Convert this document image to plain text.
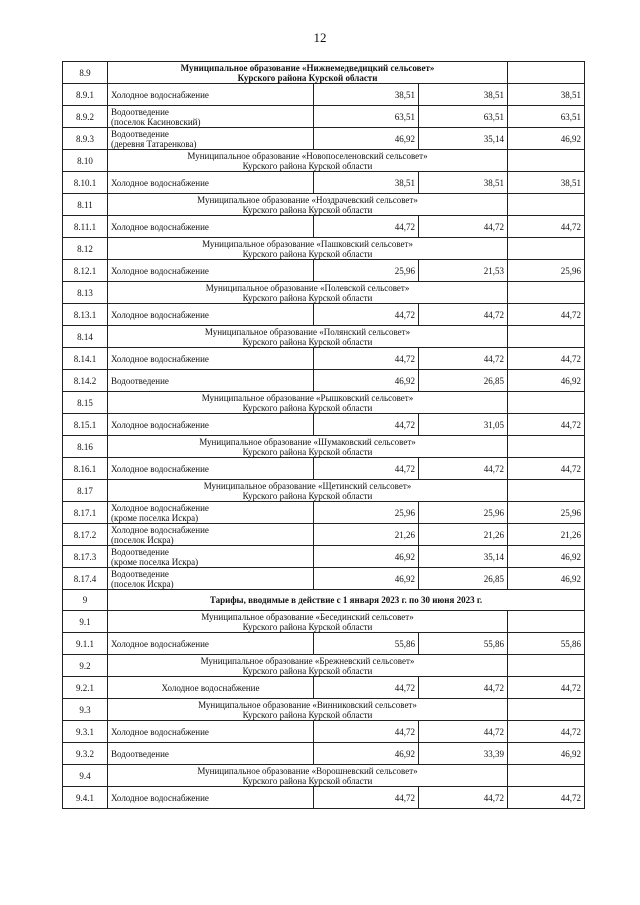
12
8.9	Муниципальное образование «Нижнемедведицкий сельсовет»
Курского района Курской области			
8.9.1	Холодное водоснабжение	38,51	38,51	38,51
8.9.2	Водоотведение
(поселок Касиновский)	63,51	63,51	63,51
8.9.3	Водоотведение
(деревня Татаренкова)	46,92	35,14	46,92
8.10	Муниципальное образование «Новопоселеновский сельсовет»
Курского района Курской области			
8.10.1	Холодное водоснабжение	38,51	38,51	38,51
8.11	Муниципальное образование «Ноздрачевский сельсовет»
Курского района Курской области			
8.11.1	Холодное водоснабжение	44,72	44,72	44,72
8.12	Муниципальное образование «Пашковский сельсовет»
Курского района Курской области			
8.12.1	Холодное водоснабжение	25,96	21,53	25,96
8.13	Муниципальное образование «Полевской сельсовет»
Курского района Курской области			
8.13.1	Холодное водоснабжение	44,72	44,72	44,72
8.14	Муниципальное образование «Полянский сельсовет»
Курского района Курской области			
8.14.1	Холодное водоснабжение	44,72	44,72	44,72
8.14.2	Водоотведение	46,92	26,85	46,92
8.15	Муниципальное образование «Рышковский сельсовет»
Курского района Курской области			
8.15.1	Холодное водоснабжение	44,72	31,05	44,72
8.16	Муниципальное образование «Шумаковский сельсовет»
Курского района Курской области			
8.16.1	Холодное водоснабжение	44,72	44,72	44,72
8.17	Муниципальное образование «Щетинский сельсовет»
Курского района Курской области			
8.17.1	Холодное водоснабжение
(кроме поселка Искра)	25,96	25,96	25,96
8.17.2	Холодное водоснабжение
(поселок Искра)	21,26	21,26	21,26
8.17.3	Водоотведение
(кроме поселка Искра)	46,92	35,14	46,92
8.17.4	Водоотведение
(поселок Искра)	46,92	26,85	46,92
9	Тарифы, вводимые в действие с 1 января 2023 г. по 30 июня 2023 г.			
9.1	Муниципальное образование «Бесединский сельсовет»
Курского района Курской области			
9.1.1	Холодное водоснабжение	55,86	55,86	55,86
9.2	Муниципальное образование «Брежневский сельсовет»
Курского района Курской области			
9.2.1	Холодное водоснабжение	44,72	44,72	44,72
9.3	Муниципальное образование «Винниковский сельсовет»
Курского района Курской области			
9.3.1	Холодное водоснабжение	44,72	44,72	44,72
9.3.2	Водоотведение	46,92	33,39	46,92
9.4	Муниципальное образование «Ворошневский сельсовет»
Курского района Курской области			
9.4.1	Холодное водоснабжение	44,72	44,72	44,72
